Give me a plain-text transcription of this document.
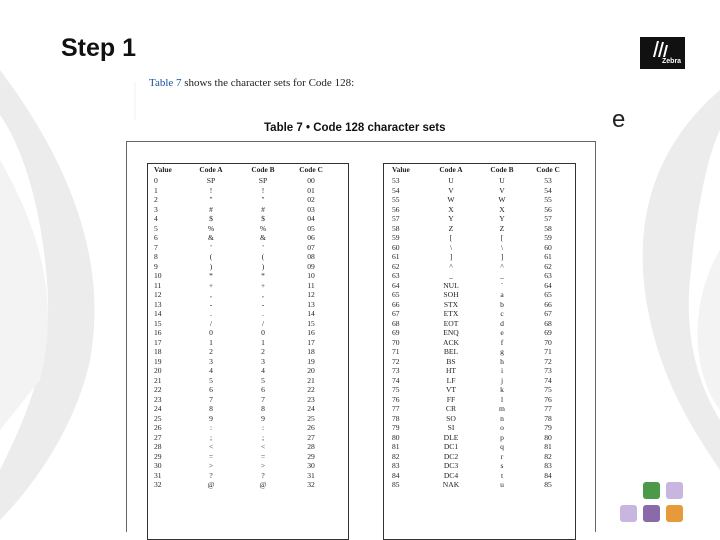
Step 1	Zebra
e
Table 7 shows the character sets for Code 128:
Table 7 • Code 128 character sets
Value	Code A	Code B	Code C
0	SP	SP	00
1	!	!	01
2	"	"	02
3	#	#	03
4	$	$	04
5	%	%	05
6	&	&	06
7	'	'	07
8	(	(	08
9	)	)	09
10	*	*	10
11	+	+	11
12	,	,	12
13	-	-	13
14	.	.	14
15	/	/	15
16	0	0	16
17	1	1	17
18	2	2	18
19	3	3	19
20	4	4	20
21	5	5	21
22	6	6	22
23	7	7	23
24	8	8	24
25	9	9	25
26	:	:	26
27	;	;	27
28	<	<	28
29	=	=	29
30	>	>	30
31	?	?	31
32	@	@	32
Value	Code A	Code B	Code C
53	U	U	53
54	V	V	54
55	W	W	55
56	X	X	56
57	Y	Y	57
58	Z	Z	58
59	[	[	59
60	\	\	60
61	]	]	61
62	^	^	62
63	_	_	63
64	NUL	`	64
65	SOH	a	65
66	STX	b	66
67	ETX	c	67
68	EOT	d	68
69	ENQ	e	69
70	ACK	f	70
71	BEL	g	71
72	BS	h	72
73	HT	i	73
74	LF	j	74
75	VT	k	75
76	FF	l	76
77	CR	m	77
78	SO	n	78
79	SI	o	79
80	DLE	p	80
81	DC1	q	81
82	DC2	r	82
83	DC3	s	83
84	DC4	t	84
85	NAK	u	85
